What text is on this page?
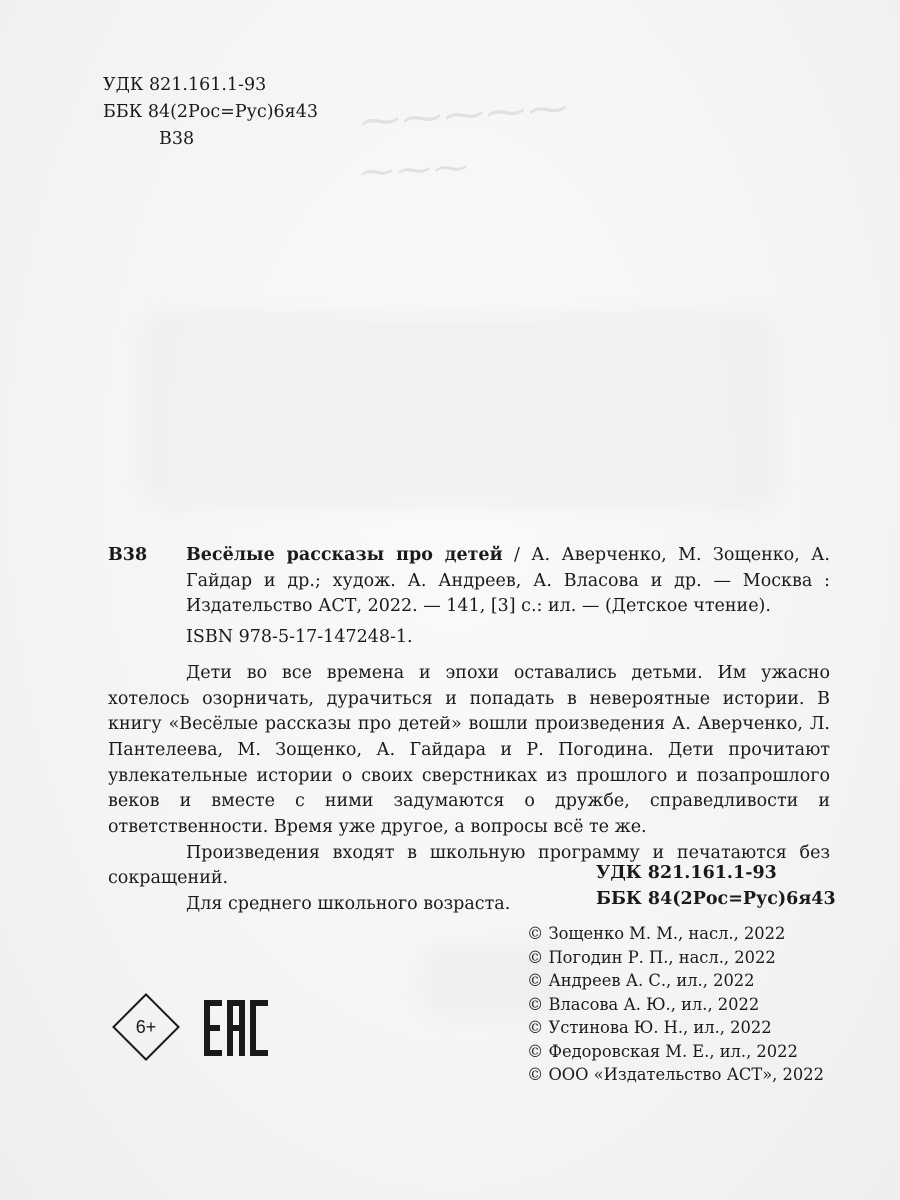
⁓⁓⁓⁓⁓
⁓⁓⁓
УДК 821.161.1-93
ББК 84(2Рос=Рус)6я43
В38

В38 Весёлые рассказы про детей / А. Аверченко, М. Зощенко, А. Гайдар и др.; худож. А. Андреев, А. Власова и др. — Москва : Издательство АСТ, 2022. — 141, [3] с.: ил. — (Детское чтение).

ISBN 978-5-17-147248-1.

Дети во все времена и эпохи оставались детьми. Им ужасно хотелось озорничать, дурачиться и попадать в невероятные истории. В книгу «Весёлые рассказы про детей» вошли произведения А. Аверченко, Л. Пантелеева, М. Зощенко, А. Гайдара и Р. Погодина. Дети прочитают увлекательные истории о своих сверстниках из прошлого и позапрошлого веков и вместе с ними задумаются о дружбе, справедливости и ответственности. Время уже другое, а вопросы всё те же.

Произведения входят в школьную программу и печатаются без сокращений.

Для среднего школьного возраста.

УДК 821.161.1-93
ББК 84(2Рос=Рус)6я43
© Зощенко М. М., насл., 2022
© Погодин Р. П., насл., 2022
© Андреев А. С., ил., 2022
© Власова А. Ю., ил., 2022
© Устинова Ю. Н., ил., 2022
© Федоровская М. Е., ил., 2022
© ООО «Издательство АСТ», 2022
6+
